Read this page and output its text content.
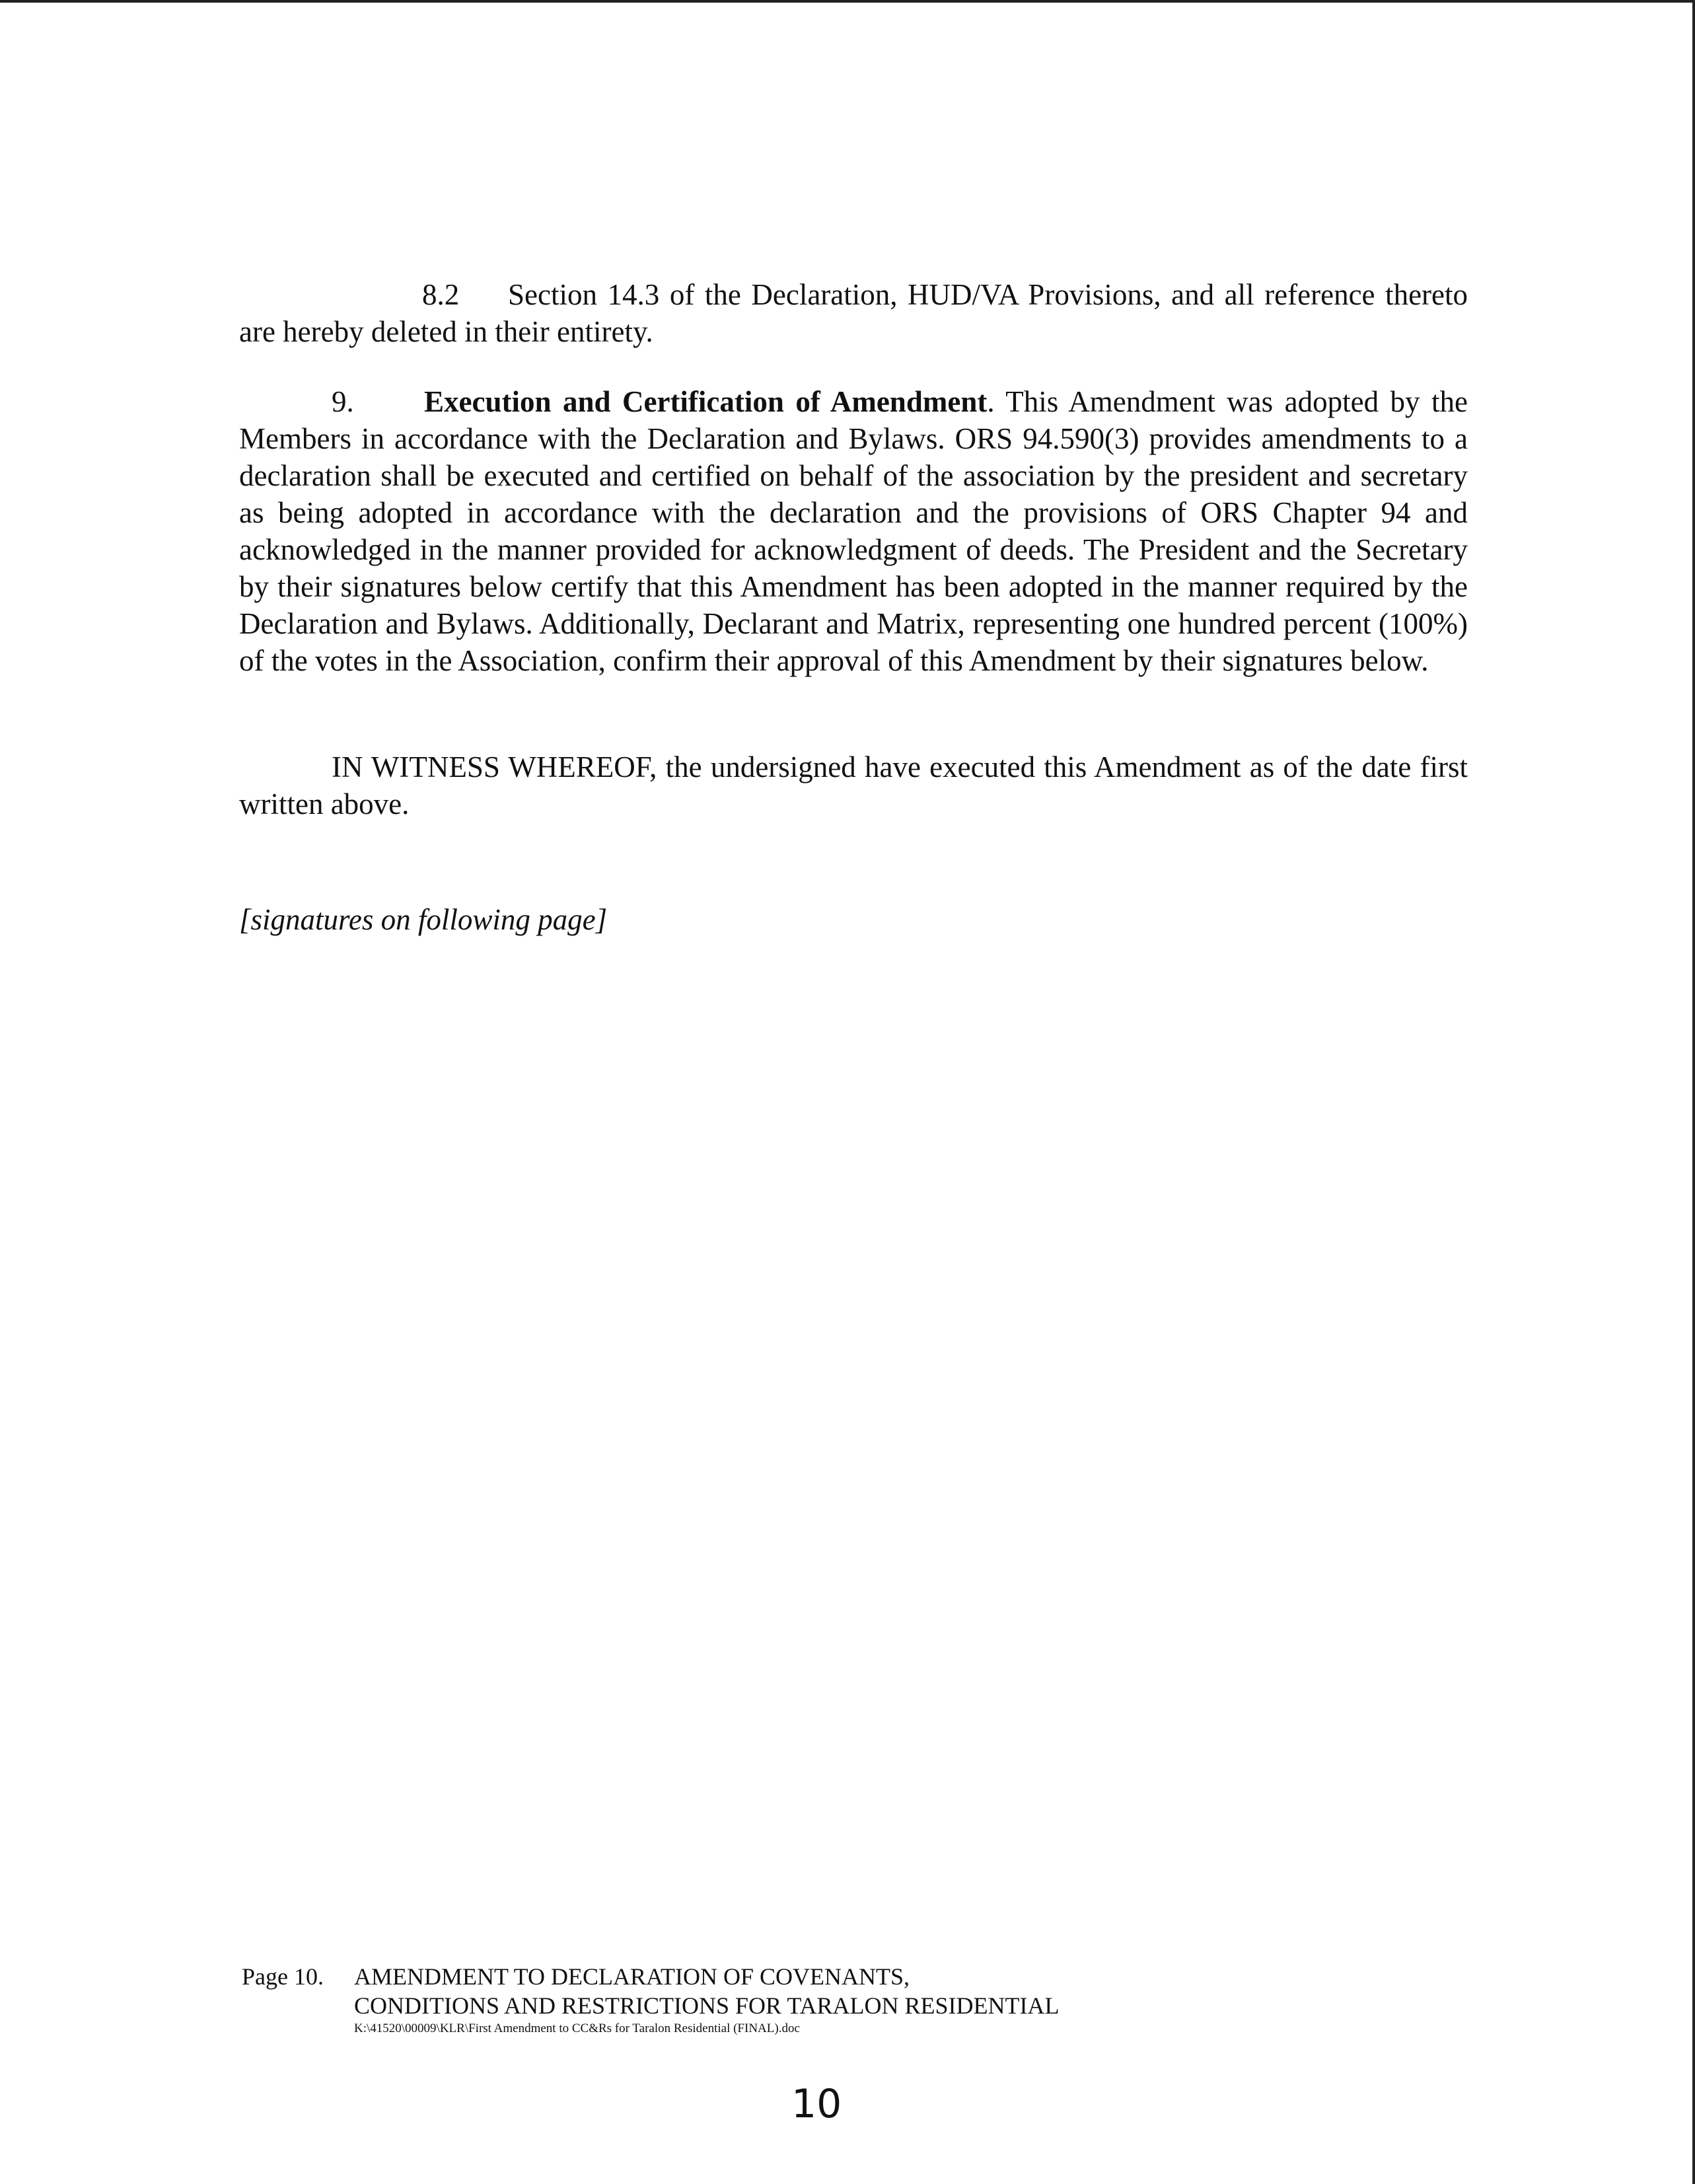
8.2 Section 14.3 of the Declaration, HUD/VA Provisions, and all reference thereto are hereby deleted in their entirety.
9. Execution and Certification of Amendment. This Amendment was adopted by the Members in accordance with the Declaration and Bylaws. ORS 94.590(3) provides amendments to a declaration shall be executed and certified on behalf of the association by the president and secretary as being adopted in accordance with the declaration and the provisions of ORS Chapter 94 and acknowledged in the manner provided for acknowledgment of deeds. The President and the Secretary by their signatures below certify that this Amendment has been adopted in the manner required by the Declaration and Bylaws. Additionally, Declarant and Matrix, representing one hundred percent (100%) of the votes in the Association, confirm their approval of this Amendment by their signatures below.
IN WITNESS WHEREOF, the undersigned have executed this Amendment as of the date first written above.
[signatures on following page]
Page 10.	AMENDMENT TO DECLARATION OF COVENANTS,
CONDITIONS AND RESTRICTIONS FOR TARALON RESIDENTIAL
K:\41520\00009\KLR\First Amendment to CC&Rs for Taralon Residential (FINAL).doc
10
